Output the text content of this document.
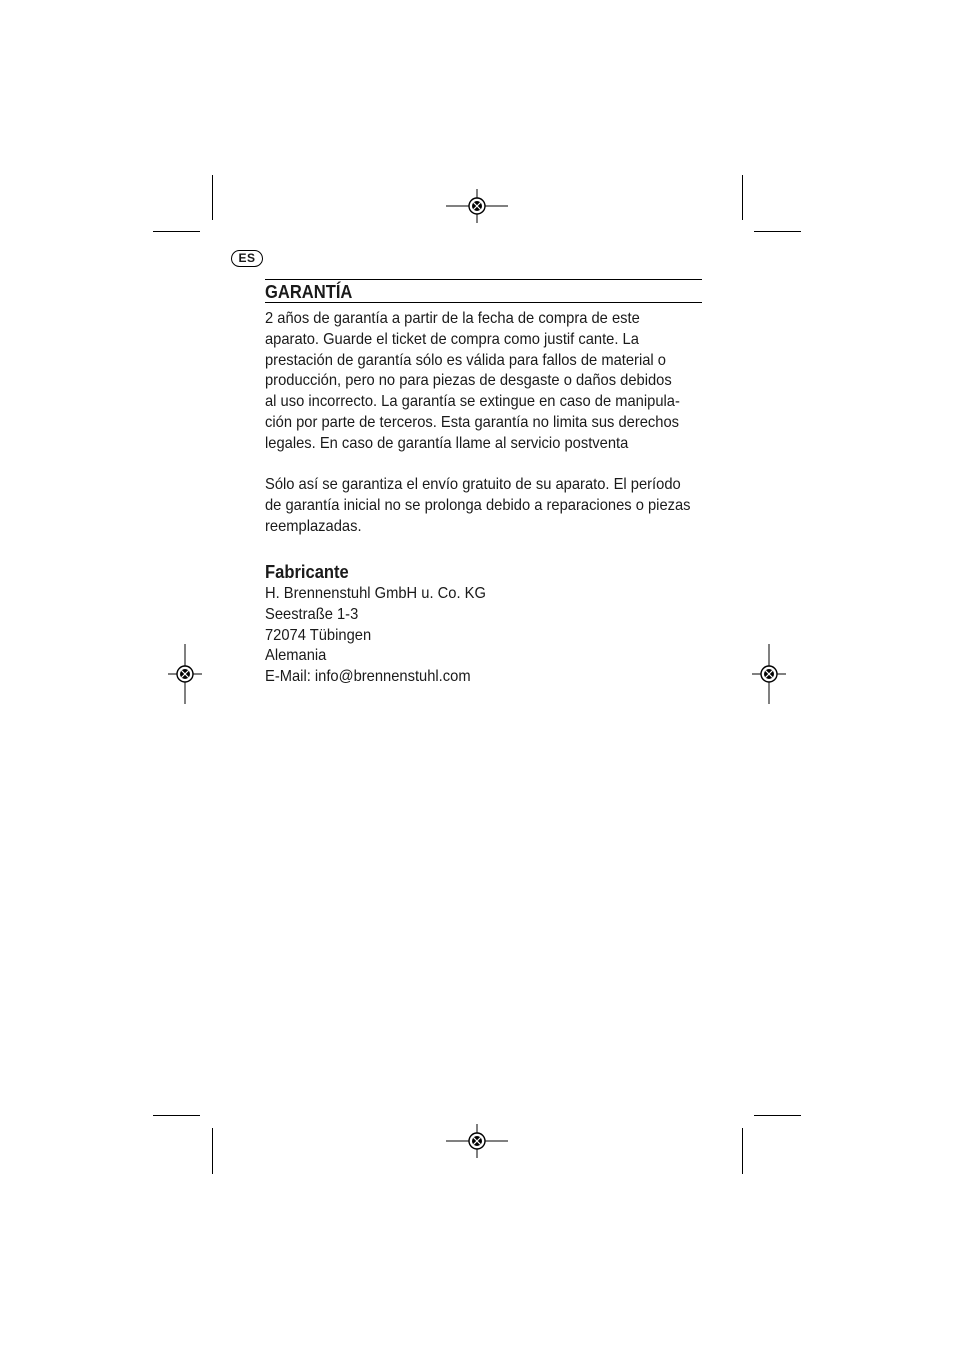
ES
GARANTÍA
2 años de garantía a partir de la fecha de compra de este
aparato. Guarde el ticket de compra como justif cante. La
prestación de garantía sólo es válida para fallos de material o
producción, pero no para piezas de desgaste o daños debidos
al uso incorrecto. La garantía se extingue en caso de manipula-
ción por parte de terceros. Esta garantía no limita sus derechos
legales. En caso de garantía llame al servicio postventa
Sólo así se garantiza el envío gratuito de su aparato. El período
de garantía inicial no se prolonga debido a reparaciones o piezas
reemplazadas.
Fabricante
H. Brennenstuhl GmbH u. Co. KG
Seestraße 1-3
72074 Tübingen
Alemania
E-Mail: info@brennenstuhl.com
